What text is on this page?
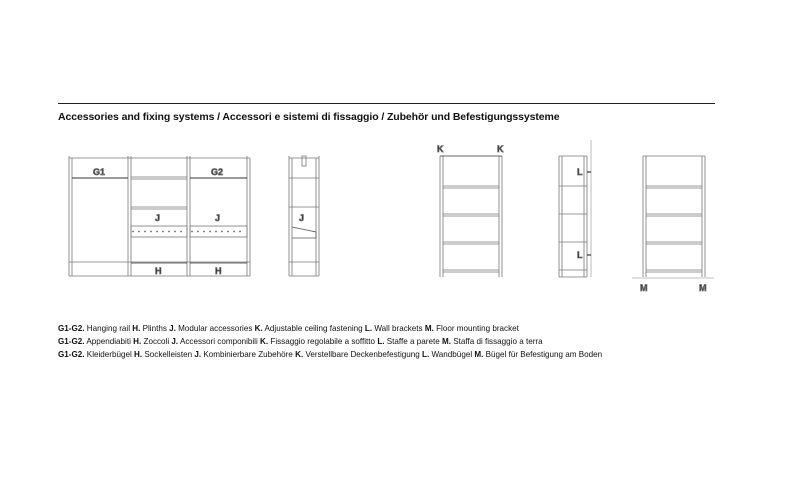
Accessories and fixing systems / Accessori e sistemi di fissaggio / Zubehör und Befestigungssysteme
G1	G2
J	J
H	H
J
K	K
L
L
M	M
G1-G2. Hanging rail H. Plinths J. Modular accessories K. Adjustable ceiling fastening L. Wall brackets M. Floor mounting bracket
G1-G2. Appendiabiti H. Zoccoli J. Accessori componibili K. Fissaggio regolabile a soffitto L. Staffe a parete M. Staffa di fissaggio a terra
G1-G2. Kleiderbügel H. Sockelleisten J. Kombinierbare Zubehöre K. Verstellbare Deckenbefestigung L. Wandbügel M. Bügel für Befestigung am Boden
